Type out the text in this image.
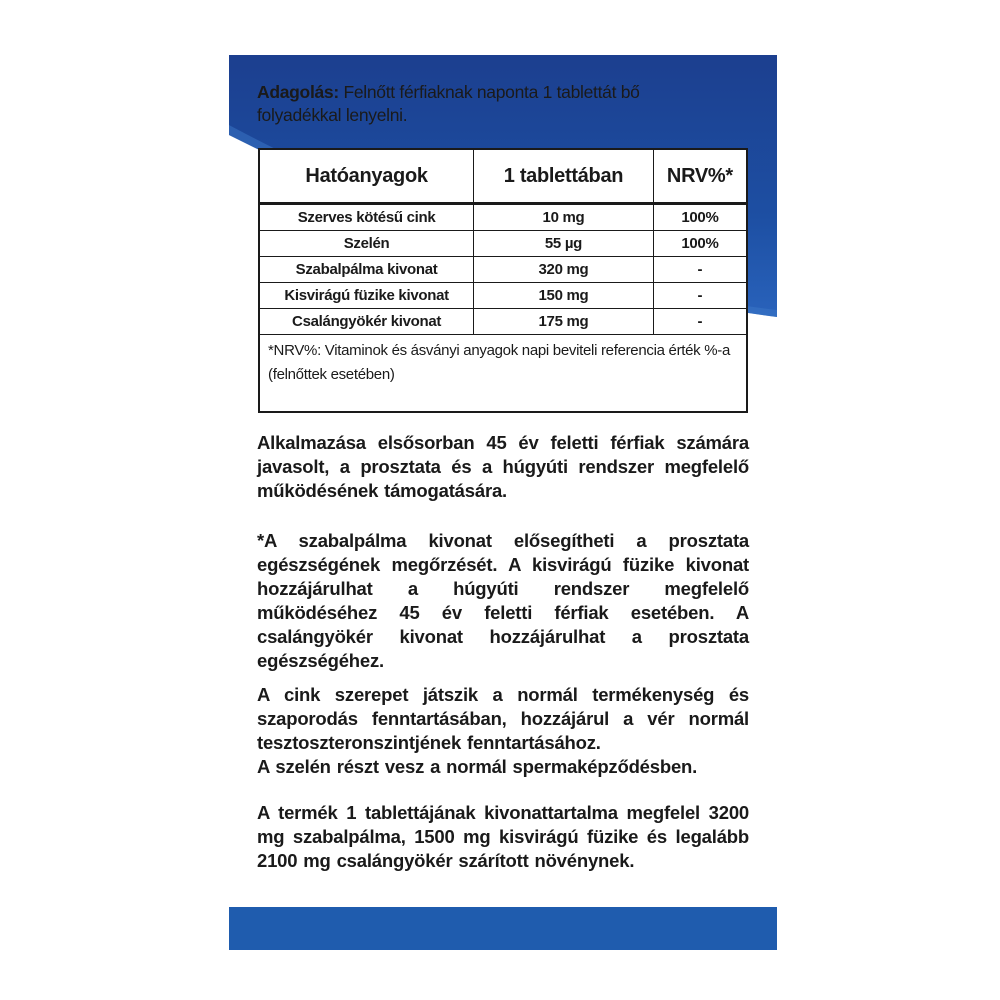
Adagolás: Felnőtt férfiaknak naponta 1 tablettát bő folyadékkal lenyelni.
Hatóanyagok	1 tablettában	NRV%*
Szerves kötésű cink	10 mg	100%
Szelén	55 µg	100%
Szabalpálma kivonat	320 mg	-
Kisvirágú füzike kivonat	150 mg	-
Csalángyökér kivonat	175 mg	-
*NRV%: Vitaminok és ásványi anyagok napi beviteli referencia érték %-a (felnőttek esetében)		
Alkalmazása elsősorban 45 év feletti férfiak számára javasolt, a prosztata és a húgyúti rendszer megfelelő működésének támogatására.
*A szabalpálma kivonat elősegítheti a prosztata egészségének megőrzését. A kisvirágú füzike kivonat hozzájárulhat a húgyúti rendszer megfelelő működéséhez 45 év feletti férfiak esetében. A csalángyökér kivonat hozzájárulhat a prosztata egészségéhez.
A cink szerepet játszik a normál termékenység és szaporodás fenntartásában, hozzájárul a vér normál tesztoszteronszintjének fenntartásához.
A szelén részt vesz a normál spermaképződésben.
A termék 1 tablettájának kivonattartalma megfelel 3200 mg szabalpálma, 1500 mg kisvirágú füzike és legalább 2100 mg csalángyökér szárított növénynek.
